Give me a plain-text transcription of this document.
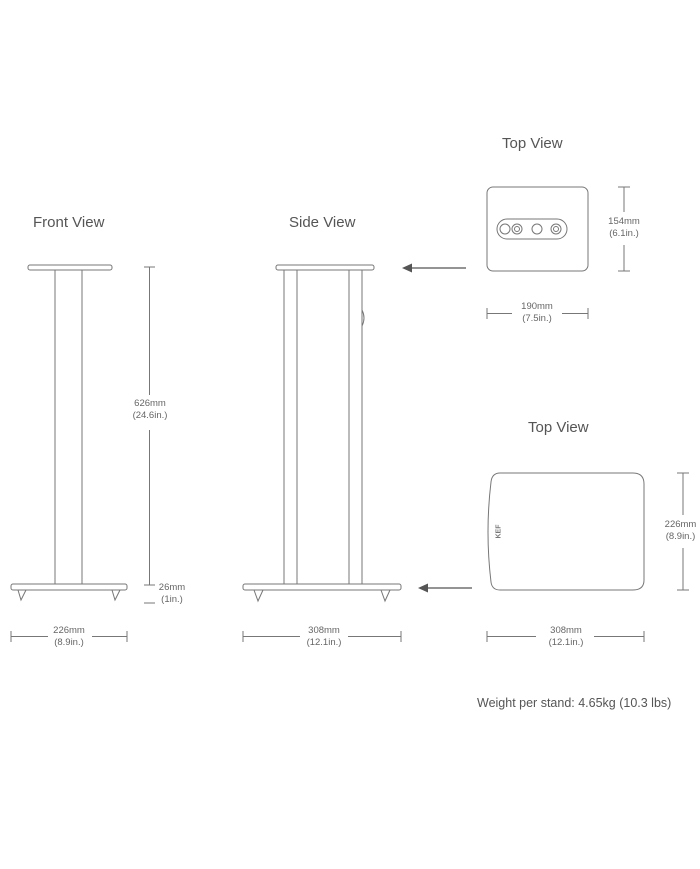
Front View	Side View
Top View
Top View
KEF
626mm
(24.6in.)
26mm
(1in.)
226mm
(8.9in.)
308mm
(12.1in.)
154mm
(6.1in.)
190mm
(7.5in.)
226mm
(8.9in.)
308mm
(12.1in.)
Weight per stand: 4.65kg (10.3 lbs)
